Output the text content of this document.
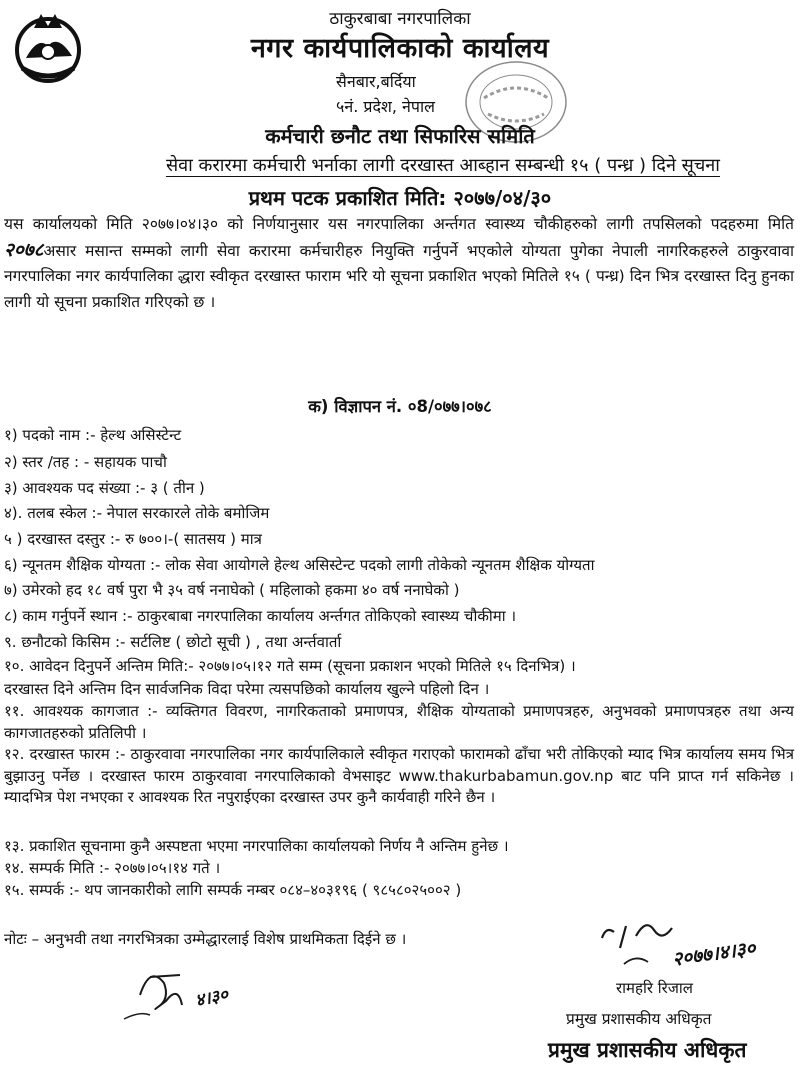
ठाकुरबाबा नगरपालिका
नगर कार्यपालिकाको कार्यालय
सैनबार,बर्दिया
५नं. प्रदेश, नेपाल
कर्मचारी छनौट तथा सिफारिस समिति
सेवा करारमा कर्मचारी भर्नाका लागी दरखास्त आब्हान सम्बन्धी १५ ( पन्ध्र ) दिने सूचना
प्रथम पटक प्रकाशित मिति: २०७७/०४/३०
यस कार्यालयको मिति २०७७।०४।३० को निर्णयानुसार यस नगरपालिका अर्न्तगत स्वास्थ्य चौकीहरुको लागी तपसिलको पदहरुमा मिति २०७८असार मसान्त सम्मको लागी सेवा करारमा कर्मचारीहरु नियुक्ति गर्नुपर्ने भएकोले योग्यता पुगेका नेपाली नागरिकहरुले ठाकुरवावा नगरपालिका नगर कार्यपालिका द्धारा स्वीकृत दरखास्त फाराम भरि यो सूचना प्रकाशित भएको मितिले १५ ( पन्ध्र) दिन भित्र दरखास्त दिनु हुनका लागी यो सूचना प्रकाशित गरिएको छ ।
क) विज्ञापन नं. ०8/०७७।०७८
१) पदको नाम :- हेल्थ असिस्टेन्ट
२) स्तर /तह : - सहायक पाचौ
३) आवश्यक पद संख्या :- ३ ( तीन )
४). तलब स्केल :- नेपाल सरकारले तोके बमोजिम
५ ) दरखास्त दस्तुर :- रु ७००।-( सातसय ) मात्र
६) न्यूनतम शैक्षिक योग्यता :- लोक सेवा आयोगले हेल्थ असिस्टेन्ट पदको लागी तोकेको न्यूनतम शैक्षिक योग्यता
७) उमेरको हद १८ वर्ष पुरा भै ३५ वर्ष ननाघेको ( महिलाको हकमा ४० वर्ष ननाघेको )
८) काम गर्नुपर्ने स्थान :- ठाकुरबाबा नगरपालिका कार्यालय अर्न्तगत तोकिएको स्वास्थ्य चौकीमा ।
९. छनौटको किसिम :- सर्टलिष्ट ( छोटो सूची ) , तथा अर्न्तवार्ता
१०. आवेदन दिनुपर्ने अन्तिम मिति:- २०७७।०५।१२ गते सम्म (सूचना प्रकाशन भएको मितिले १५ दिनभित्र) ।
दरखास्त दिने अन्तिम दिन सार्वजनिक विदा परेमा त्यसपछिको कार्यालय खुल्ने पहिलो दिन ।
११. आवश्यक कागजात :- व्यक्तिगत विवरण, नागरिकताको प्रमाणपत्र, शैक्षिक योग्यताको प्रमाणपत्रहरु, अनुभवको प्रमाणपत्रहरु तथा अन्य कागजातहरुको प्रतिलिपी ।
१२. दरखास्त फारम :- ठाकुरवावा नगरपालिका नगर कार्यपालिकाले स्वीकृत गराएको फारामको ढाँचा भरी तोकिएको म्याद भित्र कार्यालय समय भित्र बुझाउनु पर्नेछ । दरखास्त फारम ठाकुरवावा नगरपालिकाको वेभसाइट www.thakurbabamun.gov.np बाट पनि प्राप्त गर्न सकिनेछ । म्यादभित्र पेश नभएका र आवश्यक रित नपुराईएका दरखास्त उपर कुनै कार्यवाही गरिने छैन ।
१३. प्रकाशित सूचनामा कुनै अस्पष्टता भएमा नगरपालिका कार्यालयको निर्णय नै अन्तिम हुनेछ ।
१४. सम्पर्क मिति :- २०७७।०५।१४ गते ।
१५. सम्पर्क :- थप जानकारीको लागि सम्पर्क नम्बर ०८४–४०३१९६ ( ९८५८०२५००२ )
नोटः – अनुभवी तथा नगरभित्रका उम्मेद्धारलाई विशेष प्राथमिकता दिईने छ ।
४।३०
२०७७।४।३०
रामहरि रिजाल
प्रमुख प्रशासकीय अधिकृत
प्रमुख प्रशासकीय अधिकृत
